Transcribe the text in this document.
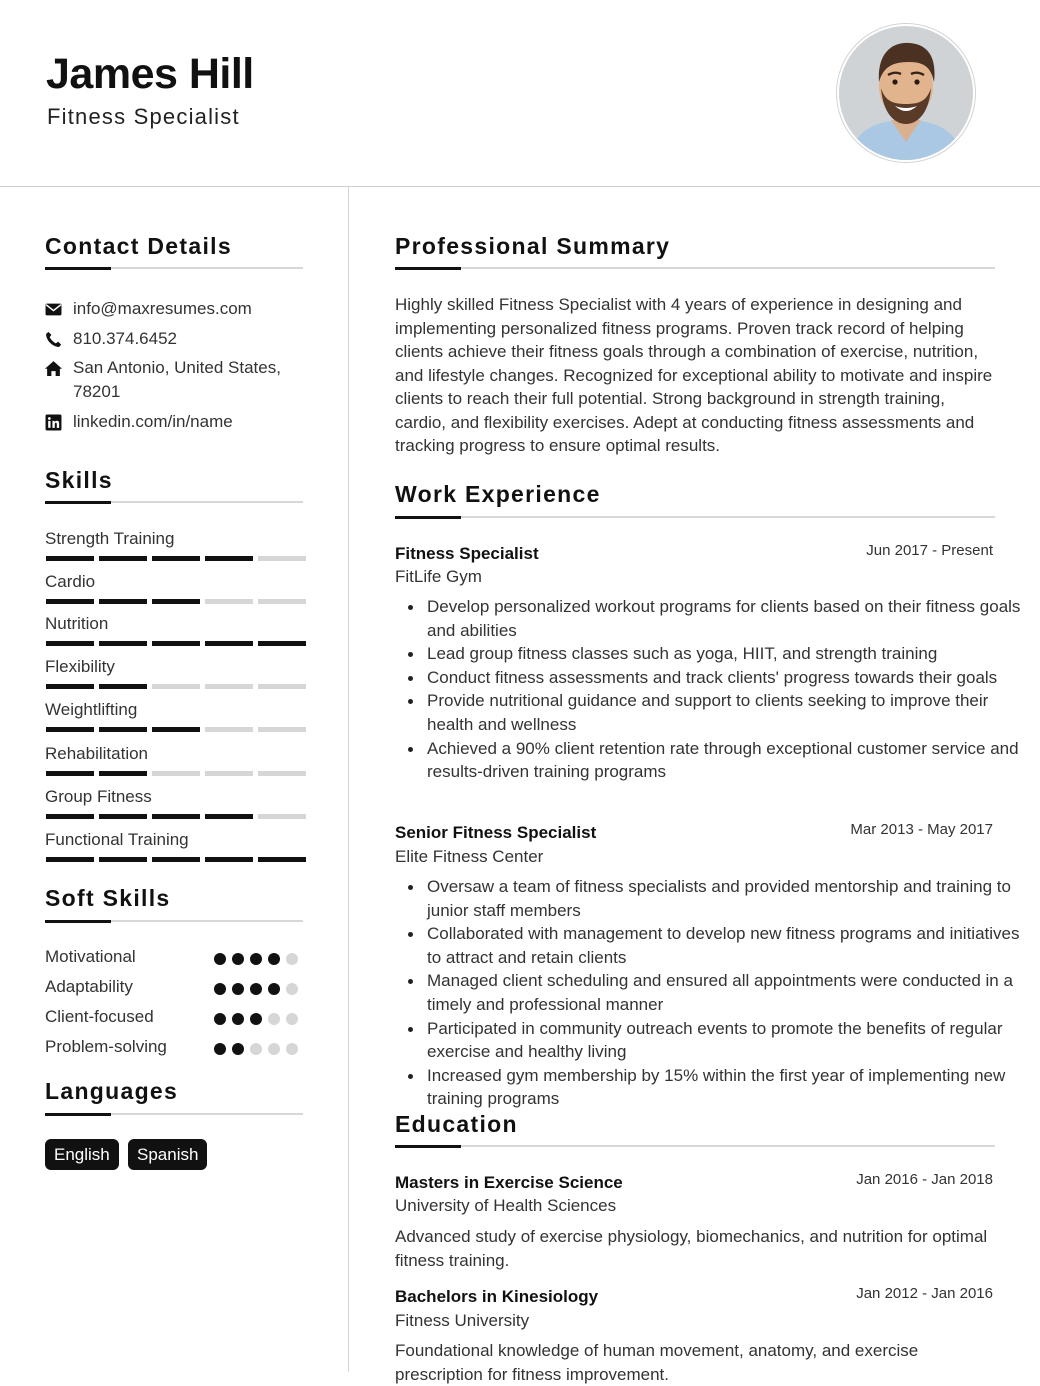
James Hill
Fitness Specialist
Contact Details
info@maxresumes.com
810.374.6452
San Antonio, United States, 78201
linkedin.com/in/name
Skills
Strength Training
Cardio
Nutrition
Flexibility
Weightlifting
Rehabilitation
Group Fitness
Functional Training
Soft Skills
Motivational
Adaptability
Client-focused
Problem-solving
Languages
English	Spanish
Professional Summary
Highly skilled Fitness Specialist with 4 years of experience in designing and implementing personalized fitness programs. Proven track record of helping clients achieve their fitness goals through a combination of exercise, nutrition, and lifestyle changes. Recognized for exceptional ability to motivate and inspire clients to reach their full potential. Strong background in strength training, cardio, and flexibility exercises. Adept at conducting fitness assessments and tracking progress to ensure optimal results.
Work Experience
Fitness Specialist	Jun 2017 - Present
FitLife Gym
Develop personalized workout programs for clients based on their fitness goals and abilities
Lead group fitness classes such as yoga, HIIT, and strength training
Conduct fitness assessments and track clients' progress towards their goals
Provide nutritional guidance and support to clients seeking to improve their health and wellness
Achieved a 90% client retention rate through exceptional customer service and results-driven training programs
Senior Fitness Specialist	Mar 2013 - May 2017
Elite Fitness Center
Oversaw a team of fitness specialists and provided mentorship and training to junior staff members
Collaborated with management to develop new fitness programs and initiatives to attract and retain clients
Managed client scheduling and ensured all appointments were conducted in a timely and professional manner
Participated in community outreach events to promote the benefits of regular exercise and healthy living
Increased gym membership by 15% within the first year of implementing new training programs
Education
Masters in Exercise Science	Jan 2016 - Jan 2018
University of Health Sciences
Advanced study of exercise physiology, biomechanics, and nutrition for optimal fitness training.
Bachelors in Kinesiology	Jan 2012 - Jan 2016
Fitness University
Foundational knowledge of human movement, anatomy, and exercise prescription for fitness improvement.
